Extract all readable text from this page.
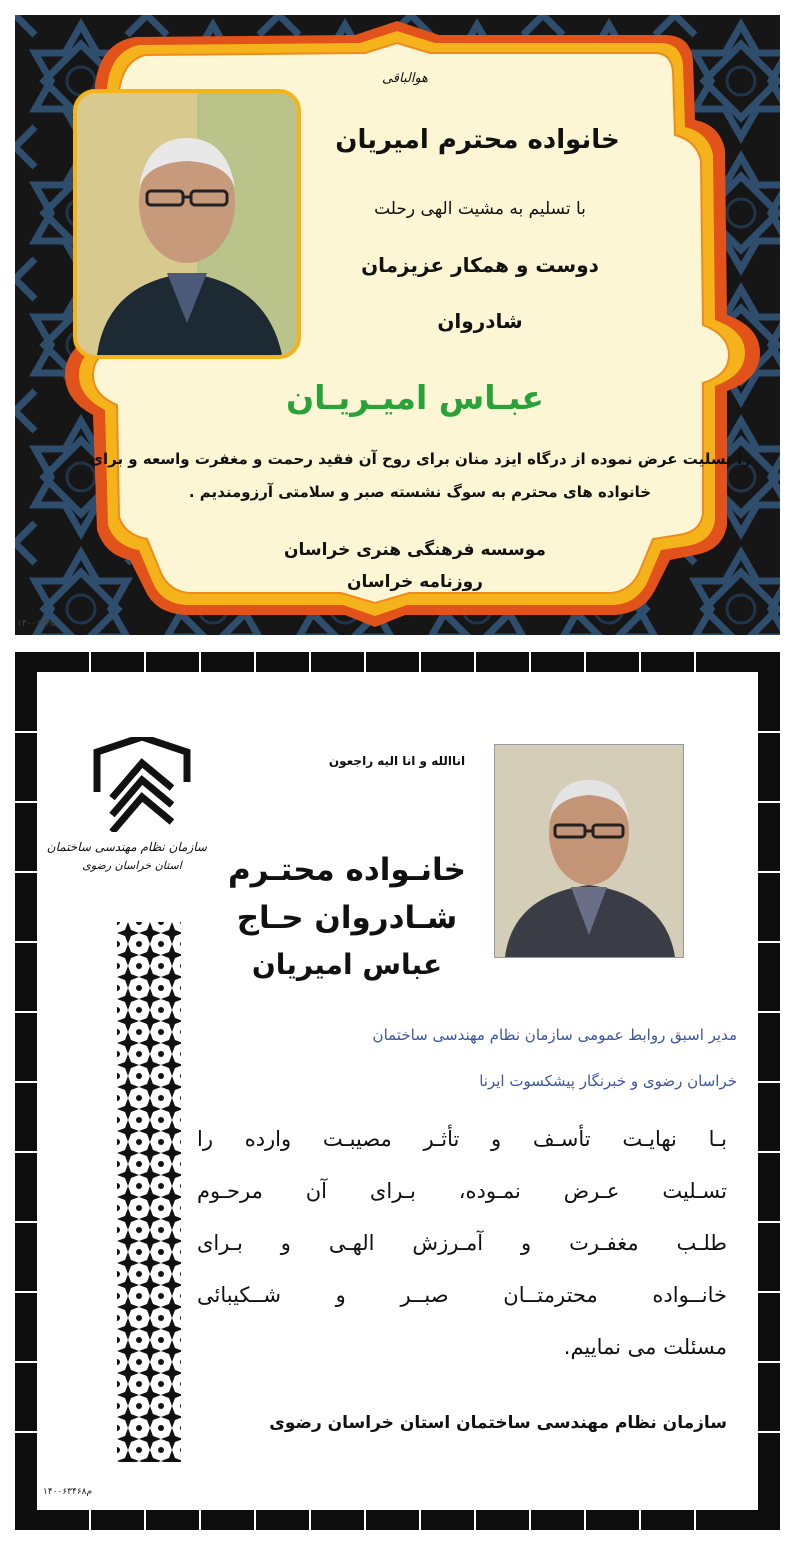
هوالباقی
خانواده محترم امیریان
با تسلیم به مشیت الهی رحلت
دوست و همکار عزیزمان
شادروان
عبـاس امیـریـان
را تسلیت عرض نموده از درگاه ایزد منان برای روح آن فقید رحمت و مغفرت واسعه و برای خانواده های محترم به سوگ نشسته صبر و سلامتی آرزومندیم .
موسسه فرهنگی هنری خراسان
روزنامه خراسان
۱۴۰۰۶۳۴۵
سازمان نظام مهندسی ساختمان
استان خراسان رضوی
اناالله و انا الیه راجعون
خانـواده محتـرم
شـادروان حـاج
عباس امیریان
مدیر اسبق روابط عمومی سازمان نظام مهندسی ساختمان
خراسان رضوی و خبرنگار پیشکسوت ایرنا
بـا نهایـت تأسـف و تأثـر مصیبـت وارده را
تسـلیت عـرض نمـوده، بـرای آن مرحـوم
طلـب مغفـرت و آمـرزش الهـی و بـرای
خانــواده محترمتــان صبــر و شــکیبائی
مسئلت می نماییم.
سازمان نظام مهندسی ساختمان استان خراسان رضوی
م۱۴۰۰۶۳۴۶۸
